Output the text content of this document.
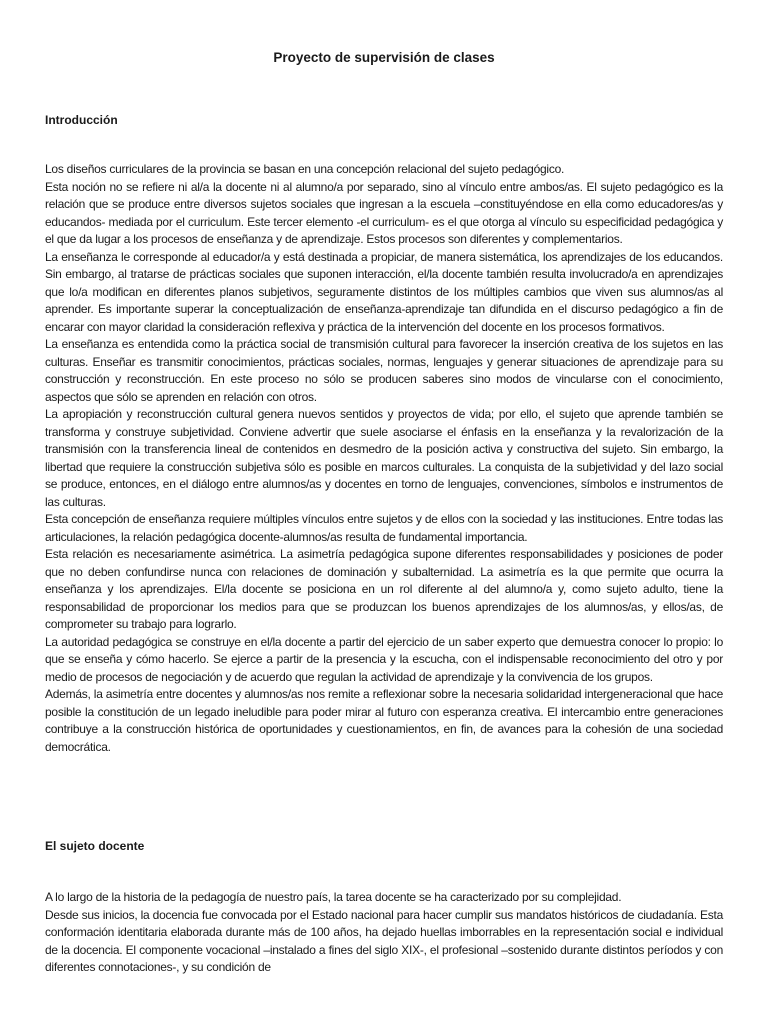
Proyecto de supervisión de clases
Introducción

Los diseños curriculares de la provincia se basan en una concepción relacional del sujeto pedagógico.

Esta noción no se refiere ni al/a la docente ni al alumno/a por separado, sino al vínculo entre ambos/as. El sujeto pedagógico es la relación que se produce entre diversos sujetos sociales que ingresan a la escuela –constituyéndose en ella como educadores/as y educandos- mediada por el curriculum. Este tercer elemento -el curriculum- es el que otorga al vínculo su especificidad pedagógica y el que da lugar a los procesos de enseñanza y de aprendizaje. Estos procesos son diferentes y complementarios.

La enseñanza le corresponde al educador/a y está destinada a propiciar, de manera sistemática, los aprendizajes de los educandos. Sin embargo, al tratarse de prácticas sociales que suponen interacción, el/la docente también resulta involucrado/a en aprendizajes que lo/a modifican en diferentes planos subjetivos, seguramente distintos de los múltiples cambios que viven sus alumnos/as al aprender. Es importante superar la conceptualización de enseñanza-aprendizaje tan difundida en el discurso pedagógico a fin de encarar con mayor claridad la consideración reflexiva y práctica de la intervención del docente en los procesos formativos.

La enseñanza es entendida como la práctica social de transmisión cultural para favorecer la inserción creativa de los sujetos en las culturas. Enseñar es transmitir conocimientos, prácticas sociales, normas, lenguajes y generar situaciones de aprendizaje para su construcción y reconstrucción. En este proceso no sólo se producen saberes sino modos de vincularse con el conocimiento, aspectos que sólo se aprenden en relación con otros.

La apropiación y reconstrucción cultural genera nuevos sentidos y proyectos de vida; por ello, el sujeto que aprende también se transforma y construye subjetividad. Conviene advertir que suele asociarse el énfasis en la enseñanza y la revalorización de la transmisión con la transferencia lineal de contenidos en desmedro de la posición activa y constructiva del sujeto. Sin embargo, la libertad que requiere la construcción subjetiva sólo es posible en marcos culturales. La conquista de la subjetividad y del lazo social se produce, entonces, en el diálogo entre alumnos/as y docentes en torno de lenguajes, convenciones, símbolos e instrumentos de las culturas.

Esta concepción de enseñanza requiere múltiples vínculos entre sujetos y de ellos con la sociedad y las instituciones. Entre todas las articulaciones, la relación pedagógica docente-alumnos/as resulta de fundamental importancia.

Esta relación es necesariamente asimétrica. La asimetría pedagógica supone diferentes responsabilidades y posiciones de poder que no deben confundirse nunca con relaciones de dominación y subalternidad. La asimetría es la que permite que ocurra la enseñanza y los aprendizajes. El/la docente se posiciona en un rol diferente al del alumno/a y, como sujeto adulto, tiene la responsabilidad de proporcionar los medios para que se produzcan los buenos aprendizajes de los alumnos/as, y ellos/as, de comprometer su trabajo para lograrlo.

La autoridad pedagógica se construye en el/la docente a partir del ejercicio de un saber experto que demuestra conocer lo propio: lo que se enseña y cómo hacerlo. Se ejerce a partir de la presencia y la escucha, con el indispensable reconocimiento del otro y por medio de procesos de negociación y de acuerdo que regulan la actividad de aprendizaje y la convivencia de los grupos.

Además, la asimetría entre docentes y alumnos/as nos remite a reflexionar sobre la necesaria solidaridad intergeneracional que hace posible la constitución de un legado ineludible para poder mirar al futuro con esperanza creativa. El intercambio entre generaciones contribuye a la construcción histórica de oportunidades y cuestionamientos, en fin, de avances para la cohesión de una sociedad democrática.

El sujeto docente

A lo largo de la historia de la pedagogía de nuestro país, la tarea docente se ha caracterizado por su complejidad.

Desde sus inicios, la docencia fue convocada por el Estado nacional para hacer cumplir sus mandatos históricos de ciudadanía. Esta conformación identitaria elaborada durante más de 100 años, ha dejado huellas imborrables en la representación social e individual de la docencia. El componente vocacional –instalado a fines del siglo XIX-, el profesional –sostenido durante distintos períodos y con diferentes connotaciones-, y su condición de
